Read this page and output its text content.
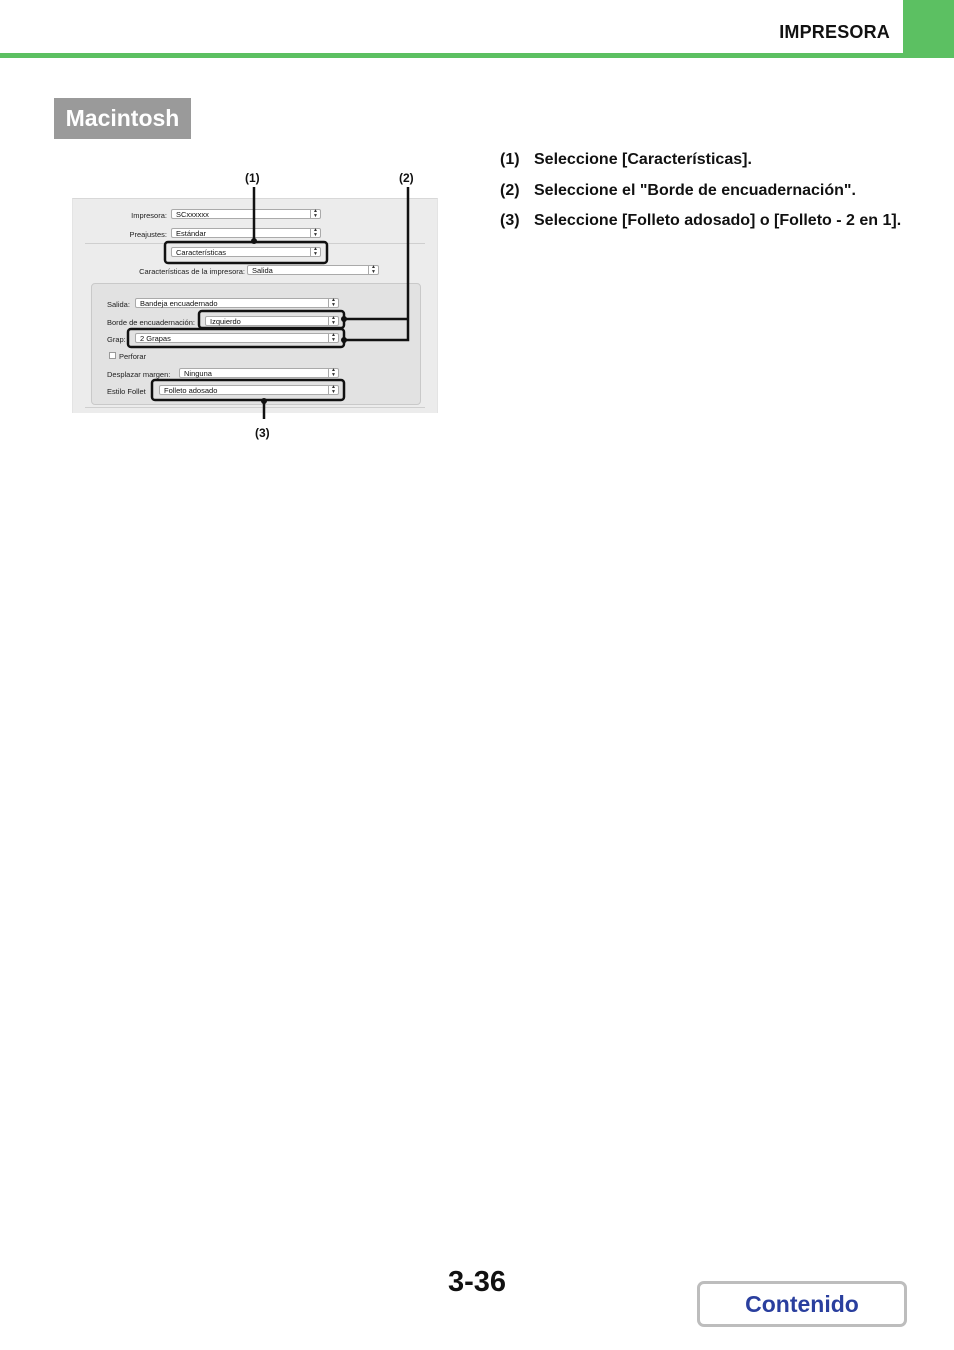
IMPRESORA
Macintosh
Impresora:	SCxxxxxx	▲
▼
Preajustes:	Estándar	▲
▼
Características	▲
▼
Características de la impresora: Salida	▲
▼
Salida:	Bandeja encuadernado	▲
▼
Borde de encuadernación:	Izquierdo	▲
▼
Grap:	2 Grapas	▲
▼
Perforar
Desplazar margen:	Ninguna	▲
▼
Estilo Follet	Folleto adosado	▲
▼
(1)	(2)
(3)
(1) Seleccione [Características].
(2) Seleccione el "Borde de encuadernación".
(3) Seleccione [Folleto adosado] o [Folleto - 2 en 1].
3-36
Contenido
